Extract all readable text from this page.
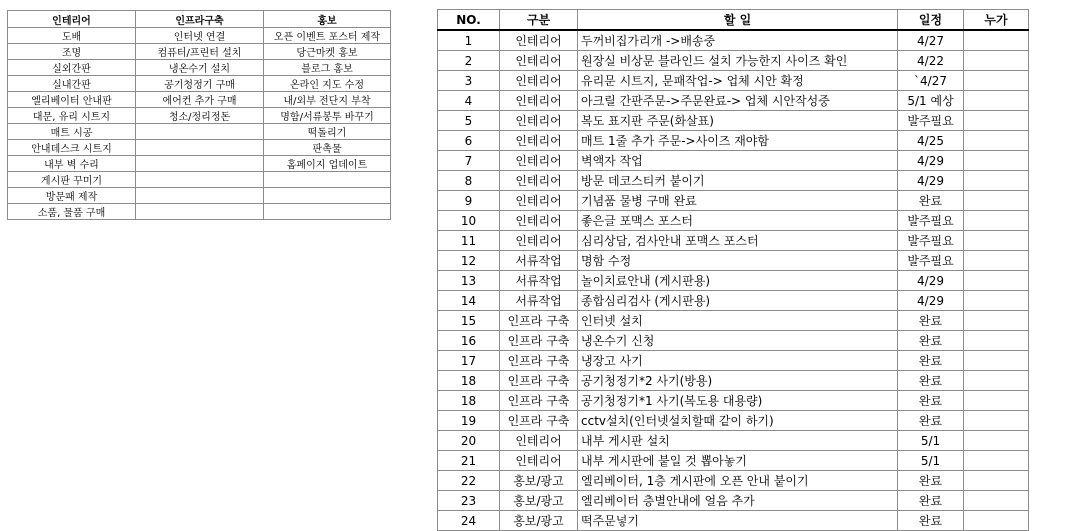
인테리어	인프라구축	홍보
도배	인터넷 연결	오픈 이벤트 포스터 제작
조명	컴퓨터/프린터 설치	당근마켓 홍보
실외간판	냉온수기 설치	블로그 홍보
실내간판	공기청정기 구매	온라인 지도 수정
엘리베이터 안내판	에어컨 추가 구매	내/외부 전단지 부착
대문, 유리 시트지	청소/정리정돈	명함/서류봉투 바꾸기
매트 시공		떡돌리기
안내데스크 시트지		판촉물
내부 벽 수리		홈페이지 업데이트
게시판 꾸미기		
방문패 제작		
소품, 물품 구매		
NO.	구분	할 일	일정	누가
1	인테리어	두꺼비집가리개 ->배송중	4/27	
2	인테리어	원장실 비상문 블라인드 설치 가능한지 사이즈 확인	4/22	
3	인테리어	유리문 시트지, 문패작업-> 업체 시안 확정	`4/27	
4	인테리어	아크릴 간판주문->주문완료-> 업체 시안작성중	5/1 예상	
5	인테리어	복도 표지판 주문(화살표)	발주필요	
6	인테리어	매트 1줄 추가 주문->사이즈 재야함	4/25	
7	인테리어	벽액자 작업	4/29	
8	인테리어	방문 데코스티커 붙이기	4/29	
9	인테리어	기념품 물병 구매 완료	완료	
10	인테리어	좋은글 포맥스 포스터	발주필요	
11	인테리어	심리상담, 검사안내 포맥스 포스터	발주필요	
12	서류작업	명함 수정	발주필요	
13	서류작업	놀이치료안내 (게시판용)	4/29	
14	서류작업	종합심리검사 (게시판용)	4/29	
15	인프라 구축	인터넷 설치	완료	
16	인프라 구축	냉온수기 신청	완료	
17	인프라 구축	냉장고 사기	완료	
18	인프라 구축	공기청정기*2 사기(방용)	완료	
18	인프라 구축	공기청정기*1 사기(복도용 대용량)	완료	
19	인프라 구축	cctv설치(인터넷설치할때 같이 하기)	완료	
20	인테리어	내부 게시판 설치	5/1	
21	인테리어	내부 게시판에 붙일 것 뽑아놓기	5/1	
22	홍보/광고	엘리베이터, 1층 게시판에 오픈 안내 붙이기	완료	
23	홍보/광고	엘리베이터 층별안내에 얼음 추가	완료	
24	홍보/광고	떡주문넣기	완료	
